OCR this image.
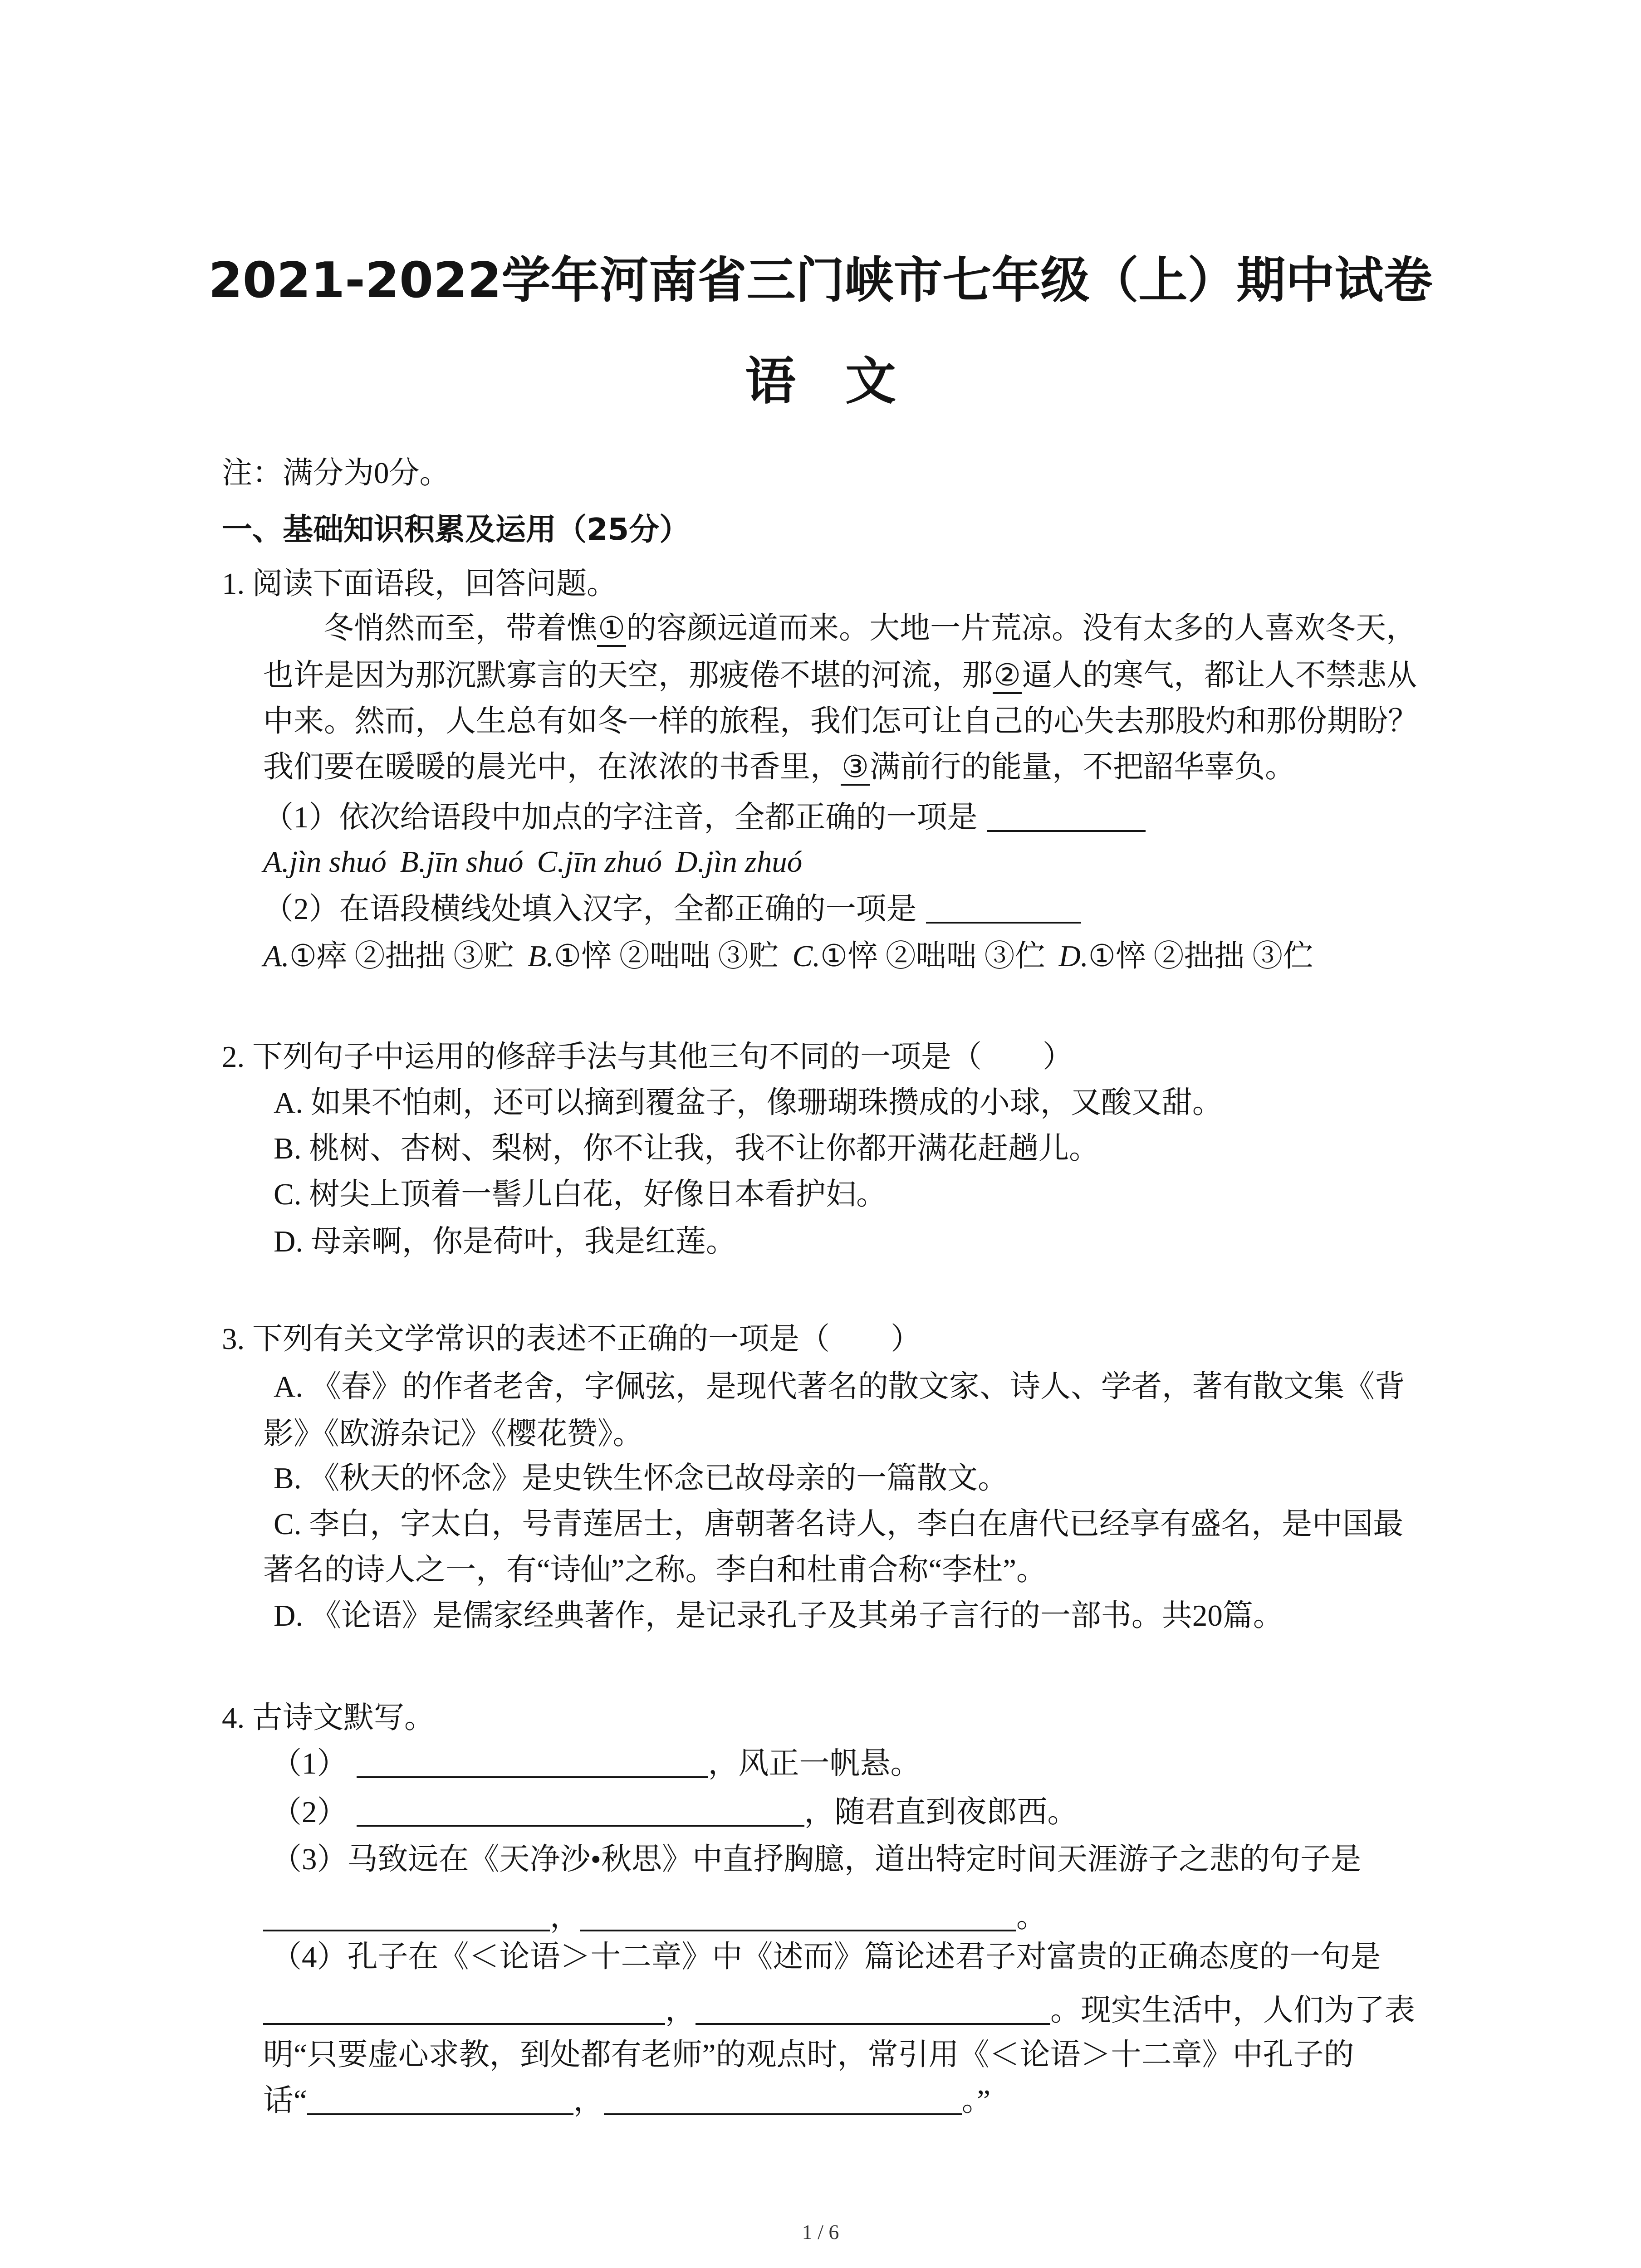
2021-2022学年河南省三门峡市七年级（上）期中试卷
语 文
注：满分为0分。
一、基础知识积累及运用（25分）
1. 阅读下面语段，回答问题。
冬悄然而至，带着憔①的容颜远道而来。大地一片荒凉。没有太多的人喜欢冬天，
也许是因为那沉默寡言的天空，那疲倦不堪的河流，那②逼人的寒气，都让人不禁悲从
中来。然而，人生总有如冬一样的旅程，我们怎可让自己的心失去那股灼和那份期盼？
我们要在暖暖的晨光中，在浓浓的书香里，③满前行的能量，不把韶华辜负。
（1）依次给语段中加点的字注音，全都正确的一项是
A.jìn shuó B.jīn shuó C.jīn zhuó D.jìn zhuó
（2）在语段横线处填入汉字，全都正确的一项是
A.①瘁 ②拙拙 ③贮 B.①悴 ②咄咄 ③贮 C.①悴 ②咄咄 ③伫 D.①悴 ②拙拙 ③伫
2. 下列句子中运用的修辞手法与其他三句不同的一项是（　　）
A. 如果不怕刺，还可以摘到覆盆子，像珊瑚珠攒成的小球，又酸又甜。
B. 桃树、杏树、梨树，你不让我，我不让你都开满花赶趟儿。
C. 树尖上顶着一髻儿白花，好像日本看护妇。
D. 母亲啊，你是荷叶，我是红莲。
3. 下列有关文学常识的表述不正确的一项是（　　）
A. 《春》的作者老舍，字佩弦，是现代著名的散文家、诗人、学者，著有散文集《背
影》《欧游杂记》《樱花赞》。
B. 《秋天的怀念》是史铁生怀念已故母亲的一篇散文。
C. 李白，字太白，号青莲居士，唐朝著名诗人，李白在唐代已经享有盛名，是中国最
著名的诗人之一，有“诗仙”之称。李白和杜甫合称“李杜”。
D. 《论语》是儒家经典著作，是记录孔子及其弟子言行的一部书。共20篇。
4. 古诗文默写。
（1）	，风正一帆悬。
（2）	，随君直到夜郎西。
（3）马致远在《天净沙•秋思》中直抒胸臆，道出特定时间天涯游子之悲的句子是
，	。
（4）孔子在《＜论语＞十二章》中《述而》篇论述君子对富贵的正确态度的一句是
，	。现实生活中，人们为了表
明“只要虚心求教，到处都有老师”的观点时，常引用《＜论语＞十二章》中孔子的
话“	，	。”
1 / 6
